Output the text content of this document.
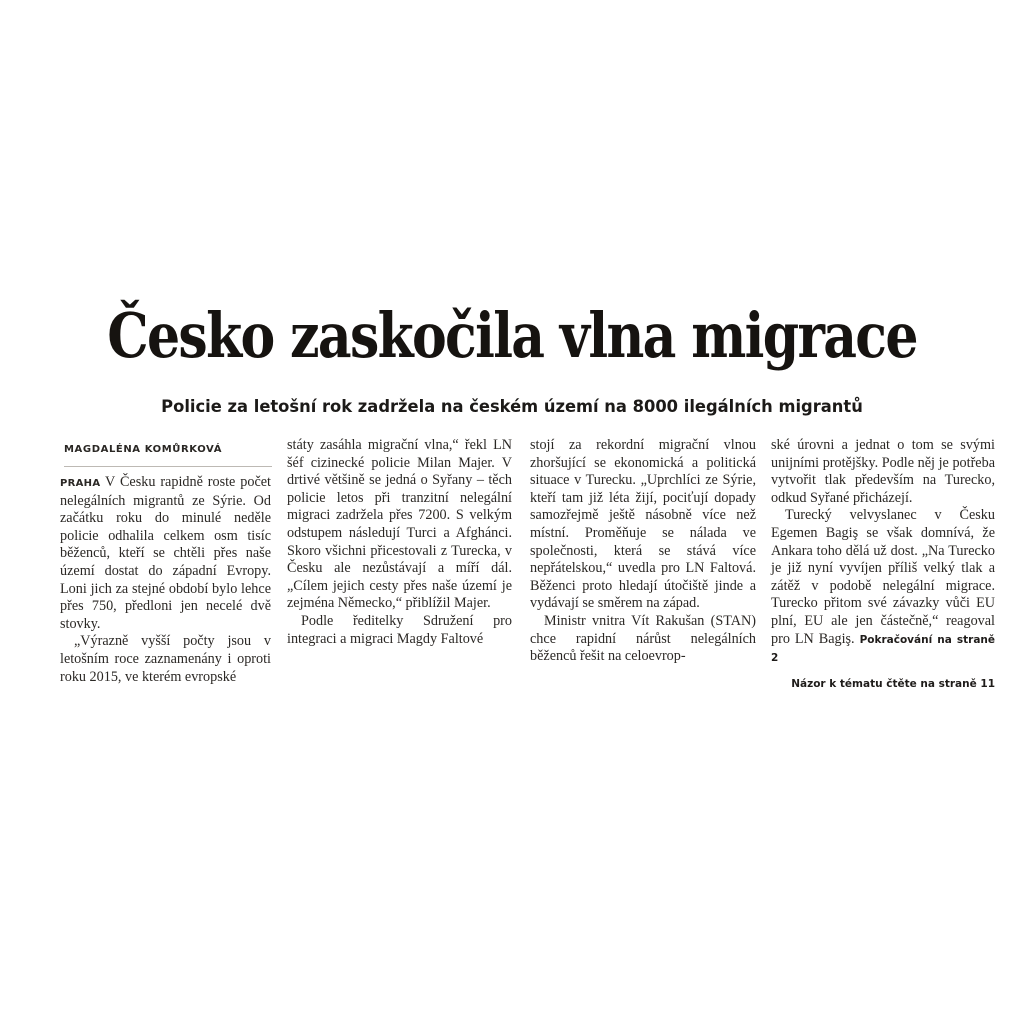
Česko zaskočila vlna migrace
Policie za letošní rok zadržela na českém území na 8000 ilegálních migrantů
MAGDALÉNA KOMŮRKOVÁ

PRAHA V Česku rapidně roste počet nelegálních migrantů ze Sýrie. Od začátku roku do minulé neděle policie odhalila celkem osm tisíc běženců, kteří se chtěli přes naše území dostat do západní Evropy. Loni jich za stejné období bylo lehce přes 750, předloni jen necelé dvě stovky.

„Výrazně vyšší počty jsou v letošním roce zaznamenány i oproti roku 2015, ve kterém evropské

státy zasáhla migrační vlna,“ řekl LN šéf cizinecké policie Milan Majer. V drtivé většině se jedná o Syřany – těch policie letos při tranzitní nelegální migraci zadržela přes 7200. S velkým odstupem následují Turci a Afghánci. Skoro všichni přicestovali z Turecka, v Česku ale nezůstávají a míří dál. „Cílem jejich cesty přes naše území je zejména Německo,“ přiblížil Majer.

Podle ředitelky Sdružení pro integraci a migraci Magdy Faltové

stojí za rekordní migrační vlnou zhoršující se ekonomická a politická situace v Turecku. „Uprchlíci ze Sýrie, kteří tam již léta žijí, pociťují dopady samozřejmě ještě násobně více než místní. Proměňuje se nálada ve společnosti, která se stává více nepřátelskou,“ uvedla pro LN Faltová. Běženci proto hledají útočiště jinde a vydávají se směrem na západ.

Ministr vnitra Vít Rakušan (STAN) chce rapidní nárůst nelegálních běženců řešit na celoevrop-

ské úrovni a jednat o tom se svými unijními protějšky. Podle něj je potřeba vytvořit tlak především na Turecko, odkud Syřané přicházejí.

Turecký velvyslanec v Česku Egemen Bagiş se však domnívá, že Ankara toho dělá už dost. „Na Turecko je již nyní vyvíjen příliš velký tlak a zátěž v podobě nelegální migrace. Turecko přitom své závazky vůči EU plní, EU ale jen částečně,“ reagoval pro LN Bagiş. Pokračování na straně 2

Názor k tématu čtěte na straně 11
